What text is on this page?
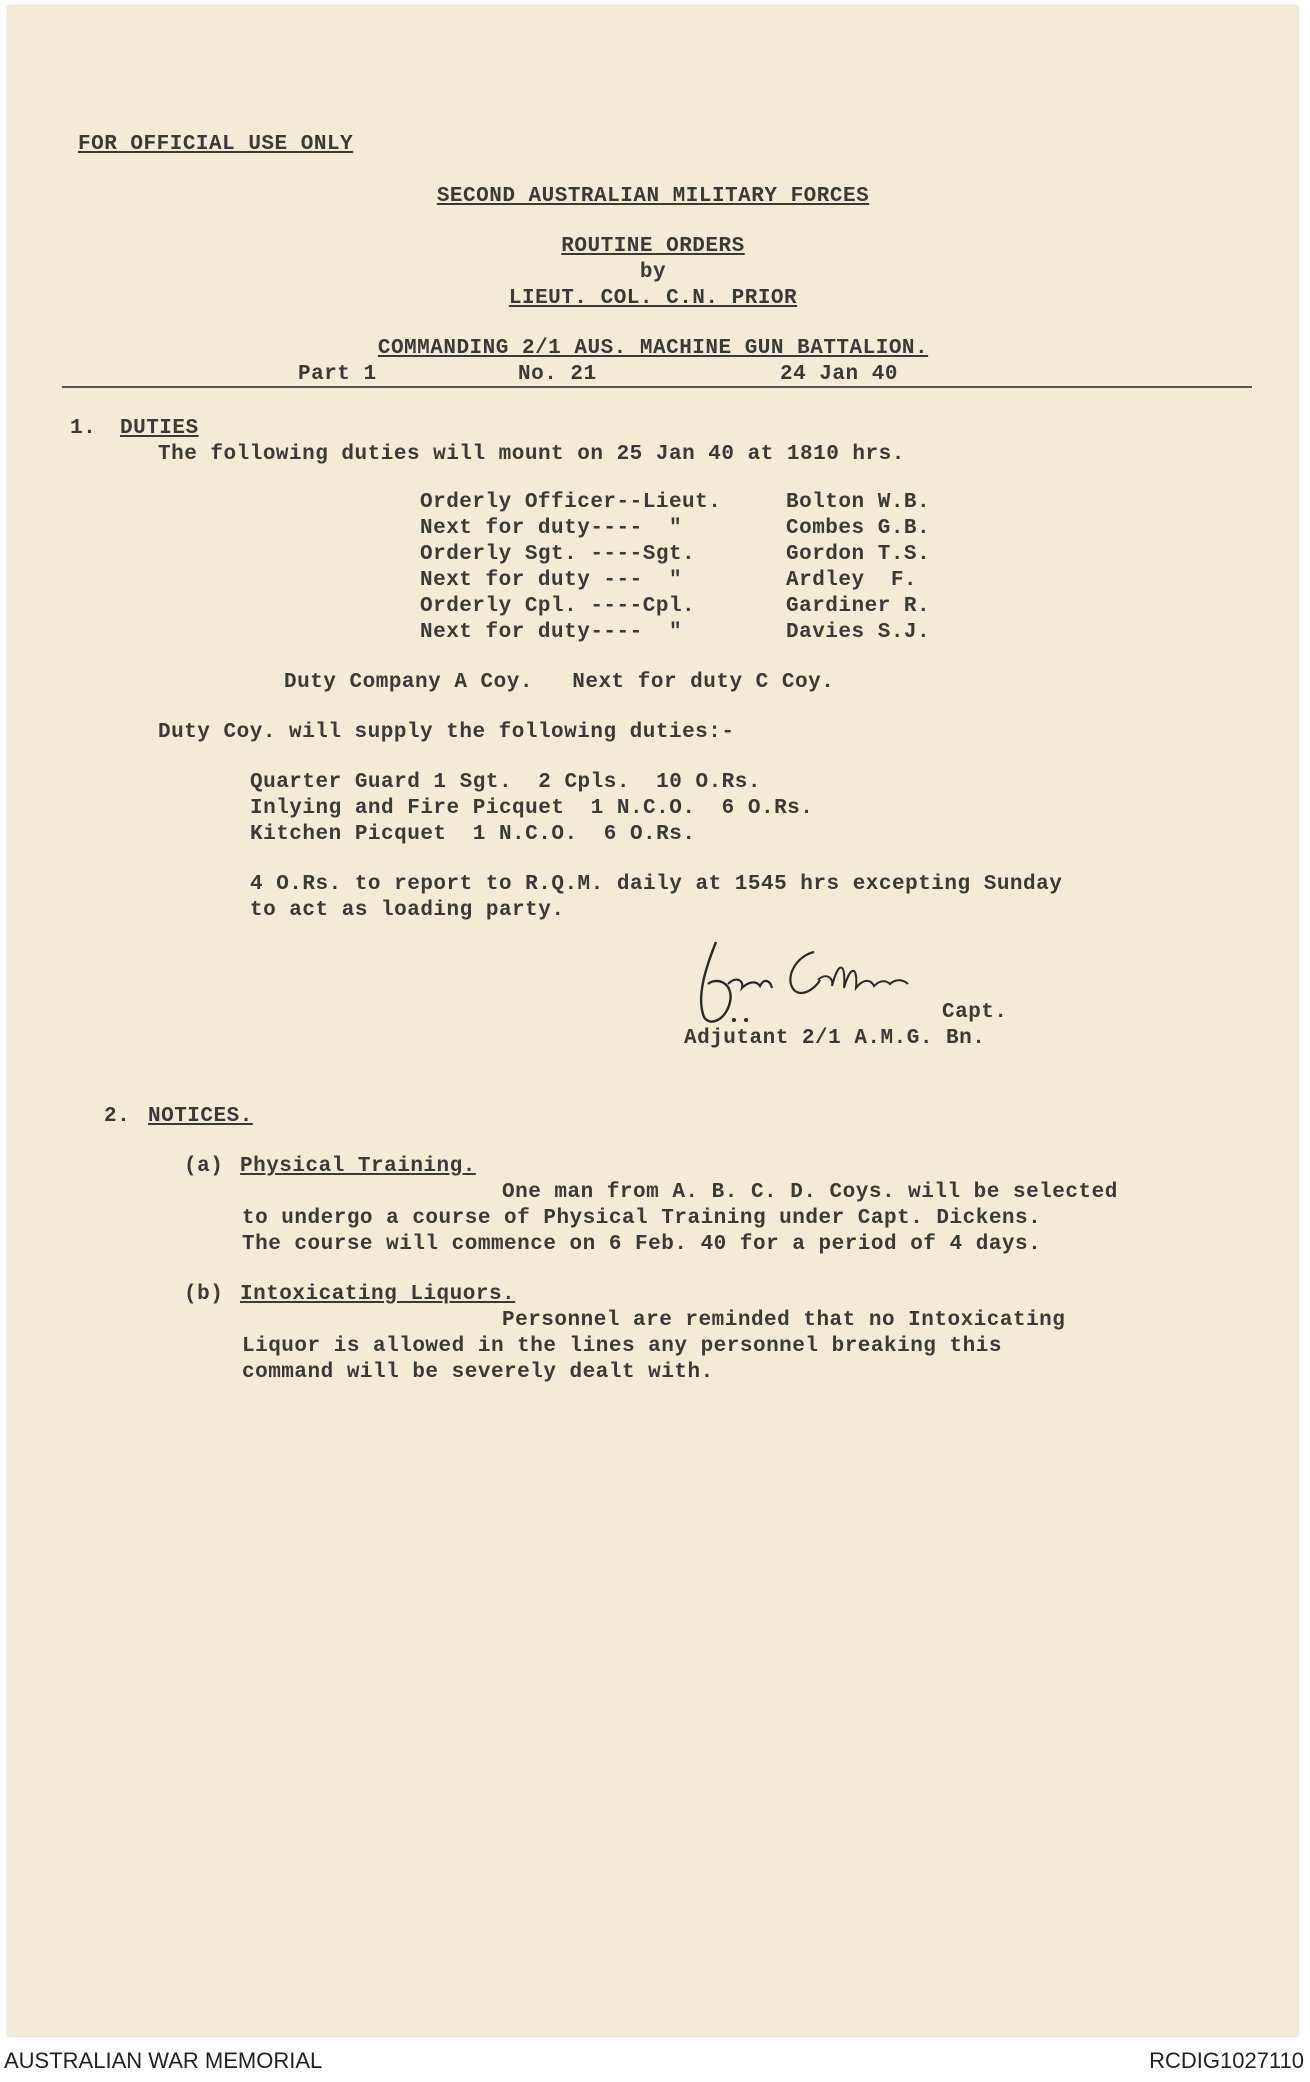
FOR OFFICIAL USE ONLY
SECOND AUSTRALIAN MILITARY FORCES
ROUTINE ORDERS
by
LIEUT. COL. C.N. PRIOR
COMMANDING 2/1 AUS. MACHINE GUN BATTALION.
Part 1	No. 21	24 Jan 40
1. DUTIES
The following duties will mount on 25 Jan 40 at 1810 hrs.
Orderly Officer--Lieut.	Bolton W.B.
Next for duty----  "	Combes G.B.
Orderly Sgt. ----Sgt.	Gordon T.S.
Next for duty ---  "	Ardley  F.
Orderly Cpl. ----Cpl.	Gardiner R.
Next for duty----  "	Davies S.J.
Duty Company A Coy.   Next for duty C Coy.
Duty Coy. will supply the following duties:-
Quarter Guard 1 Sgt.  2 Cpls.  10 O.Rs.
Inlying and Fire Picquet  1 N.C.O.  6 O.Rs.
Kitchen Picquet  1 N.C.O.  6 O.Rs.
4 O.Rs. to report to R.Q.M. daily at 1545 hrs excepting Sunday
to act as loading party.
Capt.
Adjutant 2/1 A.M.G. Bn.
2. NOTICES.
(a) Physical Training.
One man from A. B. C. D. Coys. will be selected
to undergo a course of Physical Training under Capt. Dickens.
The course will commence on 6 Feb. 40 for a period of 4 days.
(b) Intoxicating Liquors.
Personnel are reminded that no Intoxicating
Liquor is allowed in the lines any personnel breaking this
command will be severely dealt with.
AUSTRALIAN WAR MEMORIAL	RCDIG1027110
